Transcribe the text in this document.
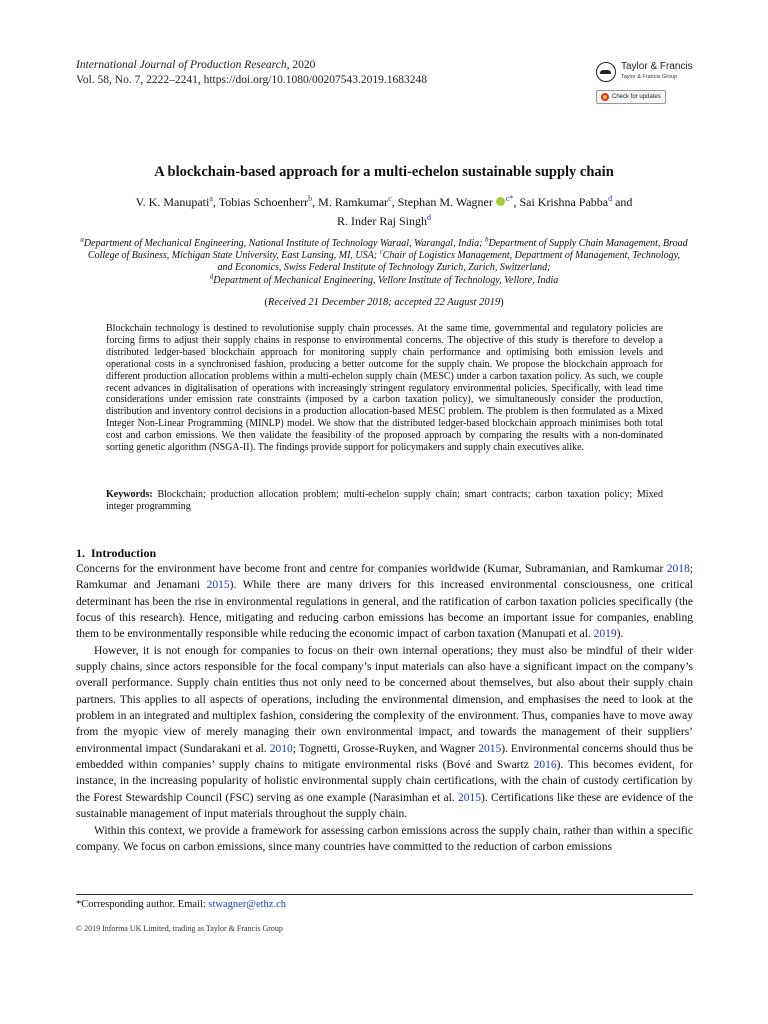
International Journal of Production Research, 2020
Vol. 58, No. 7, 2222–2241, https://doi.org/10.1080/00207543.2019.1683248
Taylor & Francis
Taylor & Francis Group
Check for updates
A blockchain-based approach for a multi-echelon sustainable supply chain
V. K. Manupati$^a$, Tobias Schoenherr$^b$, M. Ramkumar$^c$, Stephan M. Wagner $^{c*}$, Sai Krishna Pabba$^d$ and
R. Inder Raj Singh$^d$
$^a$Department of Mechanical Engineering, National Institute of Technology Waraal, Warangal, India; $^b$Department of Supply Chain Management, Broad College of Business, Michigan State University, East Lansing, MI, USA; $^c$Chair of Logistics Management, Department of Management, Technology, and Economics, Swiss Federal Institute of Technology Zurich, Zurich, Switzerland;
$^d$Department of Mechanical Engineering, Vellore Institute of Technology, Vellore, India
(Received 21 December 2018; accepted 22 August 2019)
Blockchain technology is destined to revolutionise supply chain processes. At the same time, governmental and regulatory policies are forcing firms to adjust their supply chains in response to environmental concerns. The objective of this study is therefore to develop a distributed ledger-based blockchain approach for monitoring supply chain performance and optimising both emission levels and operational costs in a synchronised fashion, producing a better outcome for the supply chain. We propose the blockchain approach for different production allocation problems within a multi-echelon supply chain (MESC) under a carbon taxation policy. As such, we couple recent advances in digitalisation of operations with increasingly stringent regulatory environmental policies. Specifically, with lead time considerations under emission rate constraints (imposed by a carbon taxation policy), we simultaneously consider the production, distribution and inventory control decisions in a production allocation-based MESC problem. The problem is then formulated as a Mixed Integer Non-Linear Programming (MINLP) model. We show that the distributed ledger-based blockchain approach minimises both total cost and carbon emissions. We then validate the feasibility of the proposed approach by comparing the results with a non-dominated sorting genetic algorithm (NSGA-II). The findings provide support for policymakers and supply chain executives alike.
Keywords: Blockchain; production allocation problem; multi-echelon supply chain; smart contracts; carbon taxation policy; Mixed integer programming
1. Introduction

Concerns for the environment have become front and centre for companies worldwide (Kumar, Subramanian, and Ramkumar 2018; Ramkumar and Jenamani 2015). While there are many drivers for this increased environmental consciousness, one critical determinant has been the rise in environmental regulations in general, and the ratification of carbon taxation policies specifically (the focus of this research). Hence, mitigating and reducing carbon emissions has become an important issue for companies, enabling them to be environmentally responsible while reducing the economic impact of carbon taxation (Manupati et al. 2019).

However, it is not enough for companies to focus on their own internal operations; they must also be mindful of their wider supply chains, since actors responsible for the focal company’s input materials can also have a significant impact on the company’s overall performance. Supply chain entities thus not only need to be concerned about themselves, but also about their supply chain partners. This applies to all aspects of operations, including the environmental dimension, and emphasises the need to look at the problem in an integrated and multiplex fashion, considering the complexity of the environment. Thus, companies have to move away from the myopic view of merely managing their own environmental impact, and towards the management of their suppliers’ environmental impact (Sundarakani et al. 2010; Tognetti, Grosse-Ruyken, and Wagner 2015). Environmental concerns should thus be embedded within companies’ supply chains to mitigate environmental risks (Bové and Swartz 2016). This becomes evident, for instance, in the increasing popularity of holistic environmental supply chain certifications, with the chain of custody certification by the Forest Stewardship Council (FSC) serving as one example (Narasimhan et al. 2015). Certifications like these are evidence of the sustainable management of input materials throughout the supply chain.

Within this context, we provide a framework for assessing carbon emissions across the supply chain, rather than within a specific company. We focus on carbon emissions, since many countries have committed to the reduction of carbon emissions

*Corresponding author. Email: stwagner@ethz.ch
© 2019 Informa UK Limited, trading as Taylor & Francis Group
